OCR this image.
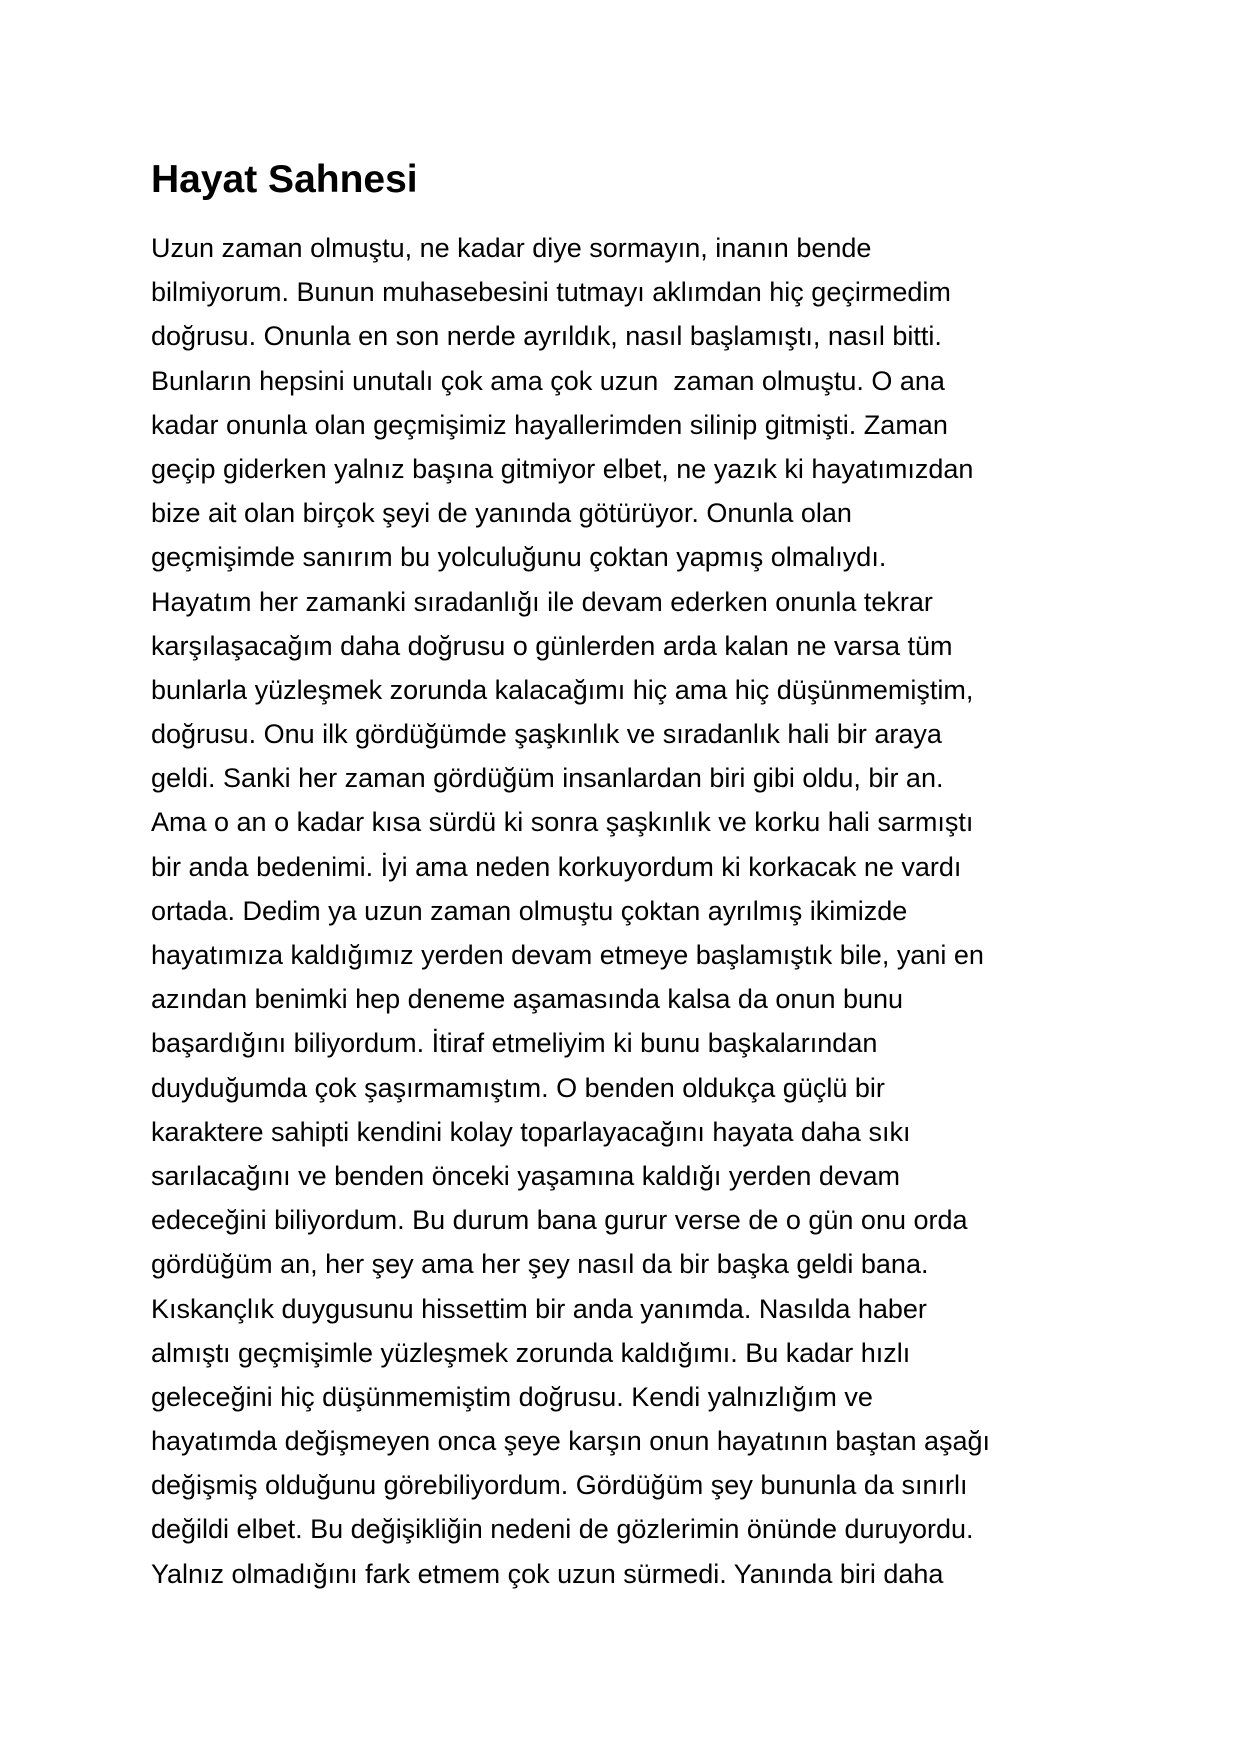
Hayat Sahnesi
Uzun zaman olmuştu, ne kadar diye sormayın, inanın bende
bilmiyorum. Bunun muhasebesini tutmayı aklımdan hiç geçirmedim
doğrusu. Onunla en son nerde ayrıldık, nasıl başlamıştı, nasıl bitti.
Bunların hepsini unutalı çok ama çok uzun  zaman olmuştu. O ana
kadar onunla olan geçmişimiz hayallerimden silinip gitmişti. Zaman
geçip giderken yalnız başına gitmiyor elbet, ne yazık ki hayatımızdan
bize ait olan birçok şeyi de yanında götürüyor. Onunla olan
geçmişimde sanırım bu yolculuğunu çoktan yapmış olmalıydı.
Hayatım her zamanki sıradanlığı ile devam ederken onunla tekrar
karşılaşacağım daha doğrusu o günlerden arda kalan ne varsa tüm
bunlarla yüzleşmek zorunda kalacağımı hiç ama hiç düşünmemiştim,
doğrusu. Onu ilk gördüğümde şaşkınlık ve sıradanlık hali bir araya
geldi. Sanki her zaman gördüğüm insanlardan biri gibi oldu, bir an.
Ama o an o kadar kısa sürdü ki sonra şaşkınlık ve korku hali sarmıştı
bir anda bedenimi. İyi ama neden korkuyordum ki korkacak ne vardı
ortada. Dedim ya uzun zaman olmuştu çoktan ayrılmış ikimizde
hayatımıza kaldığımız yerden devam etmeye başlamıştık bile, yani en
azından benimki hep deneme aşamasında kalsa da onun bunu
başardığını biliyordum. İtiraf etmeliyim ki bunu başkalarından
duyduğumda çok şaşırmamıştım. O benden oldukça güçlü bir
karaktere sahipti kendini kolay toparlayacağını hayata daha sıkı
sarılacağını ve benden önceki yaşamına kaldığı yerden devam
edeceğini biliyordum. Bu durum bana gurur verse de o gün onu orda
gördüğüm an, her şey ama her şey nasıl da bir başka geldi bana.
Kıskançlık duygusunu hissettim bir anda yanımda. Nasılda haber
almıştı geçmişimle yüzleşmek zorunda kaldığımı. Bu kadar hızlı
geleceğini hiç düşünmemiştim doğrusu. Kendi yalnızlığım ve
hayatımda değişmeyen onca şeye karşın onun hayatının baştan aşağı
değişmiş olduğunu görebiliyordum. Gördüğüm şey bununla da sınırlı
değildi elbet. Bu değişikliğin nedeni de gözlerimin önünde duruyordu.
Yalnız olmadığını fark etmem çok uzun sürmedi. Yanında biri daha
